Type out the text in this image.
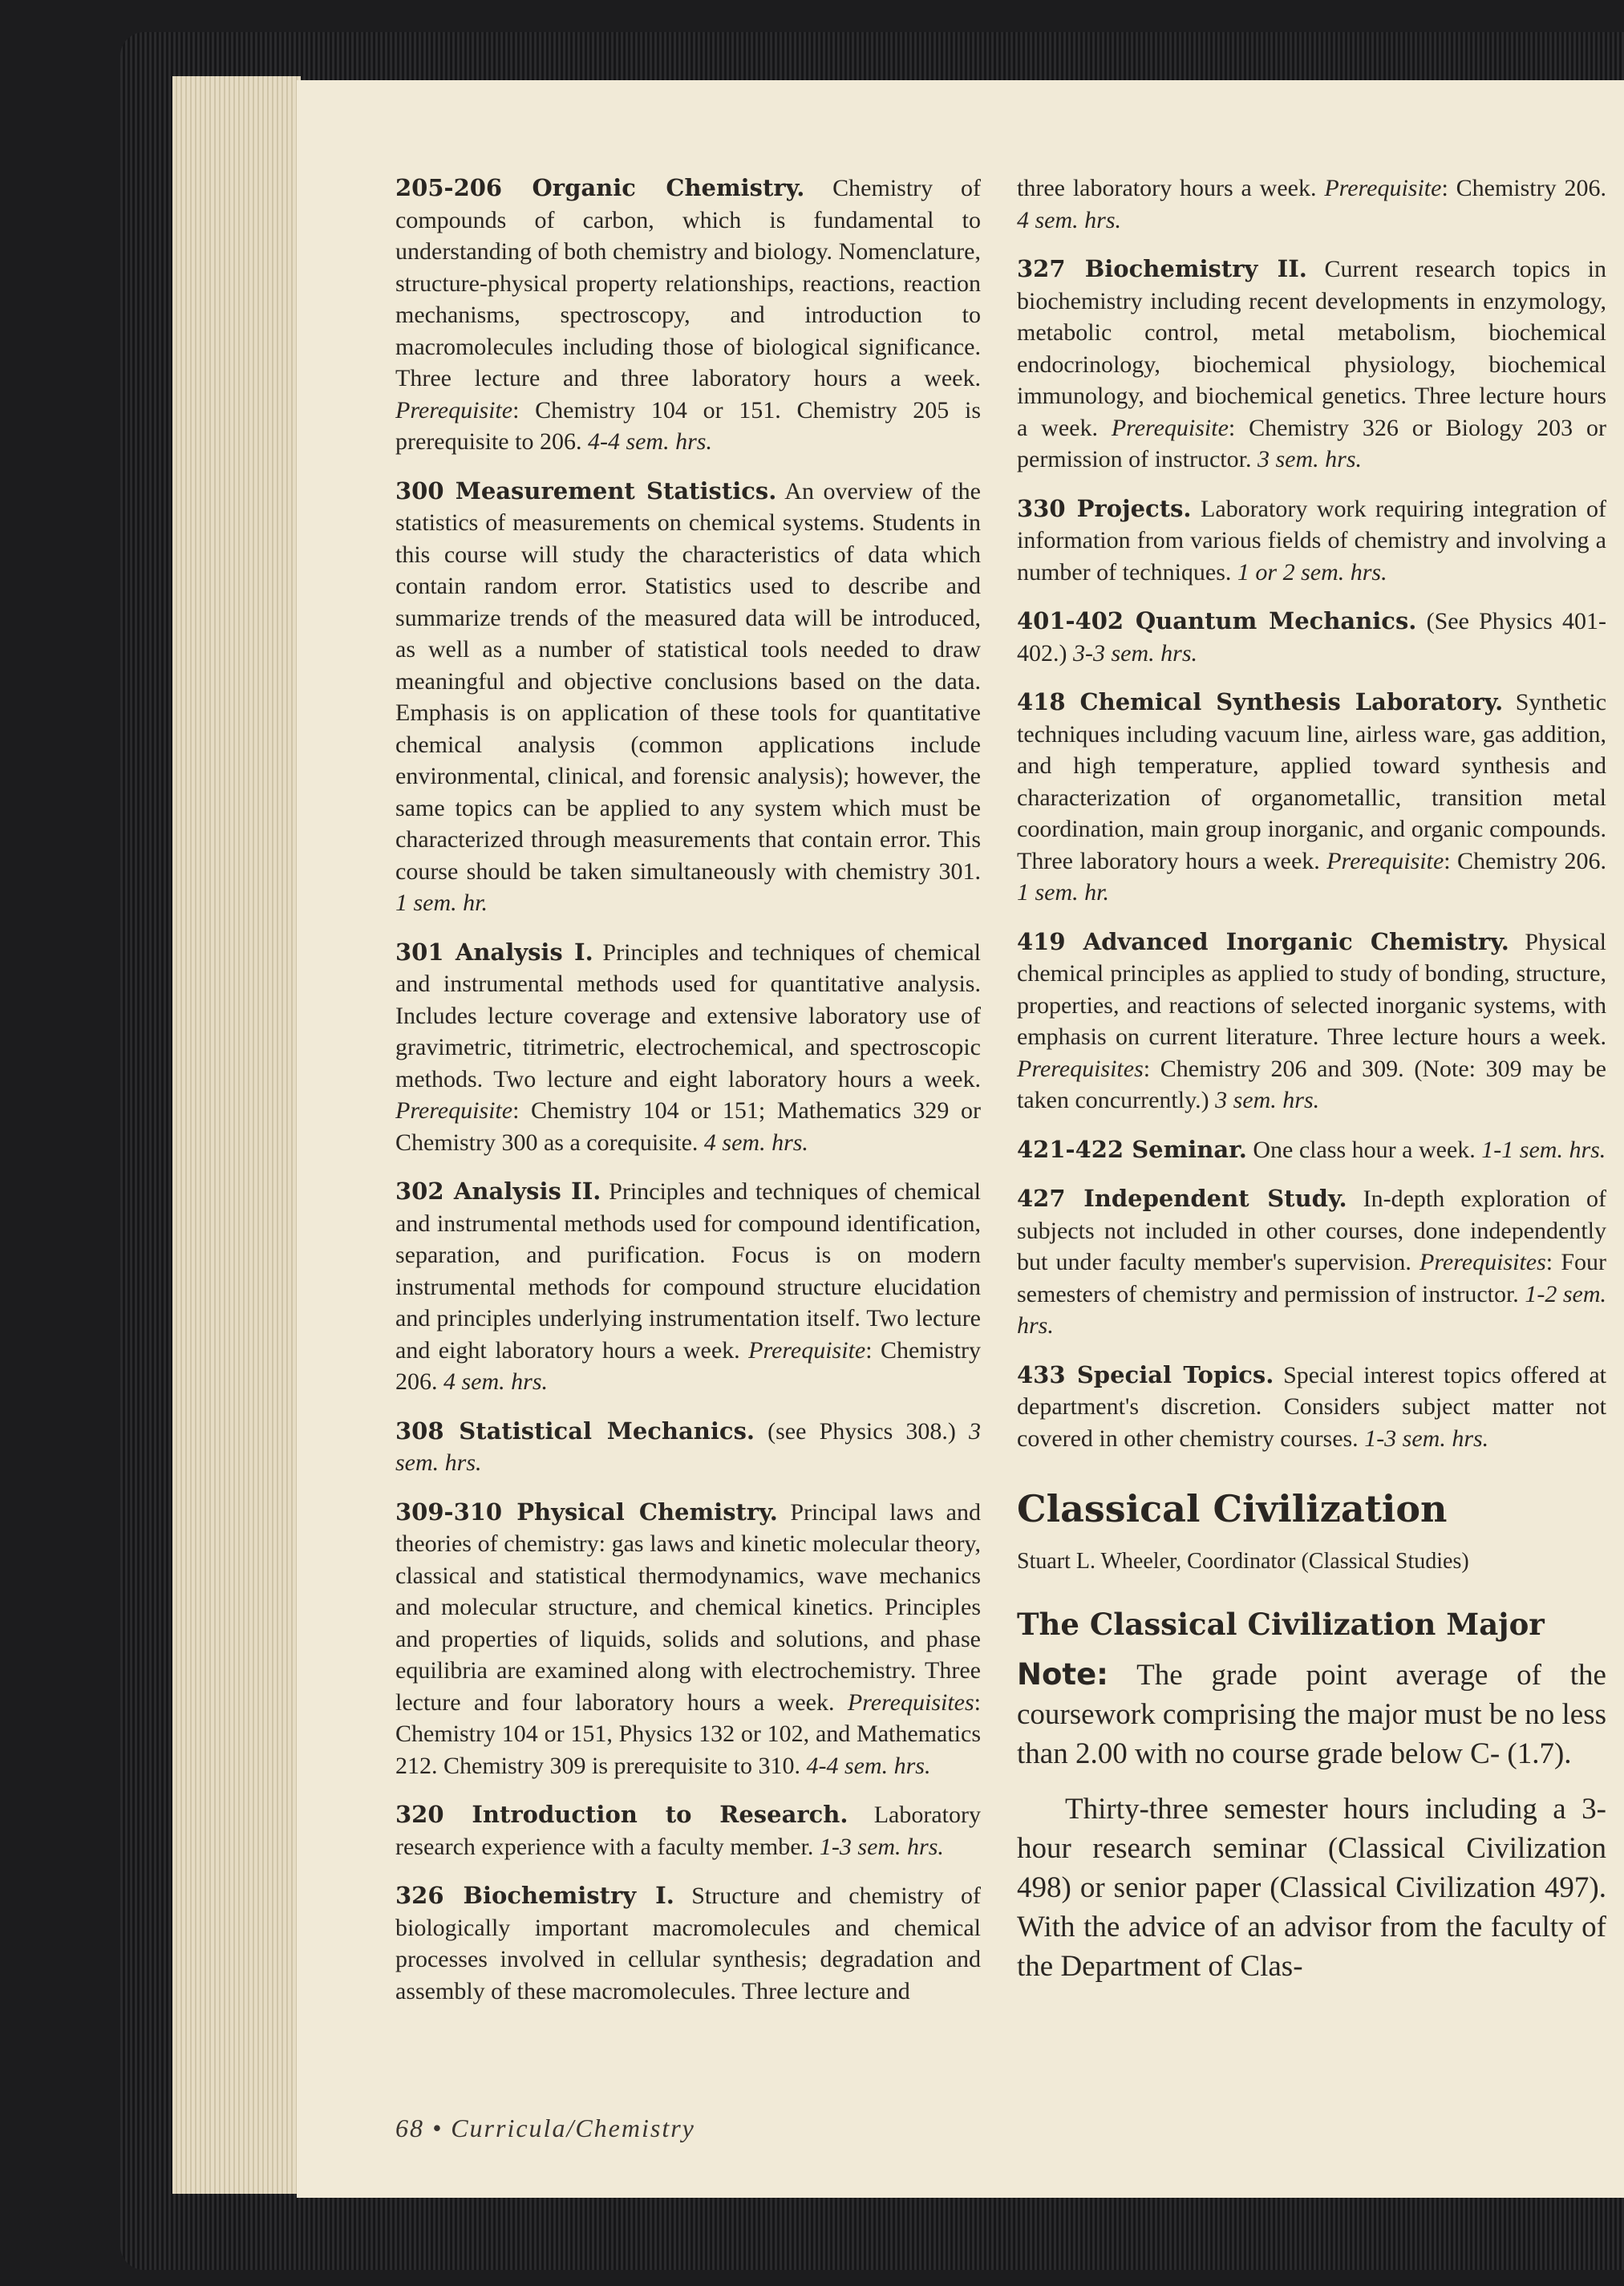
205-206 Organic Chemistry. Chemistry of compounds of carbon, which is fundamental to understanding of both chemistry and biology. Nomenclature, structure-physical property relationships, reactions, reaction mechanisms, spectroscopy, and introduction to macromolecules including those of biological significance. Three lecture and three laboratory hours a week. Prerequisite: Chemistry 104 or 151. Chemistry 205 is prerequisite to 206. 4-4 sem. hrs.

300 Measurement Statistics. An overview of the statistics of measurements on chemical systems. Students in this course will study the characteristics of data which contain random error. Statistics used to describe and summarize trends of the measured data will be introduced, as well as a number of statistical tools needed to draw meaningful and objective conclusions based on the data. Emphasis is on application of these tools for quantitative chemical analysis (common applications include environmental, clinical, and forensic analysis); however, the same topics can be applied to any system which must be characterized through measurements that contain error. This course should be taken simultaneously with chemistry 301. 1 sem. hr.

301 Analysis I. Principles and techniques of chemical and instrumental methods used for quantitative analysis. Includes lecture coverage and extensive laboratory use of gravimetric, titrimetric, electrochemical, and spectroscopic methods. Two lecture and eight laboratory hours a week. Prerequisite: Chemistry 104 or 151; Mathematics 329 or Chemistry 300 as a corequisite. 4 sem. hrs.

302 Analysis II. Principles and techniques of chemical and instrumental methods used for compound identification, separation, and purification. Focus is on modern instrumental methods for compound structure elucidation and principles underlying instrumentation itself. Two lecture and eight laboratory hours a week. Prerequisite: Chemistry 206. 4 sem. hrs.

308 Statistical Mechanics. (see Physics 308.) 3 sem. hrs.

309-310 Physical Chemistry. Principal laws and theories of chemistry: gas laws and kinetic molecular theory, classical and statistical thermodynamics, wave mechanics and molecular structure, and chemical kinetics. Principles and properties of liquids, solids and solutions, and phase equilibria are examined along with electrochemistry. Three lecture and four laboratory hours a week. Prerequisites: Chemistry 104 or 151, Physics 132 or 102, and Mathematics 212. Chemistry 309 is prerequisite to 310. 4-4 sem. hrs.

320 Introduction to Research. Laboratory research experience with a faculty member. 1-3 sem. hrs.

326 Biochemistry I. Structure and chemistry of biologically important macromolecules and chemical processes involved in cellular synthesis; degradation and assembly of these macromolecules. Three lecture and

three laboratory hours a week. Prerequisite: Chemistry 206. 4 sem. hrs.

327 Biochemistry II. Current research topics in biochemistry including recent developments in enzymology, metabolic control, metal metabolism, biochemical endocrinology, biochemical physiology, biochemical immunology, and biochemical genetics. Three lecture hours a week. Prerequisite: Chemistry 326 or Biology 203 or permission of instructor. 3 sem. hrs.

330 Projects. Laboratory work requiring integration of information from various fields of chemistry and involving a number of techniques. 1 or 2 sem. hrs.

401-402 Quantum Mechanics. (See Physics 401-402.) 3-3 sem. hrs.

418 Chemical Synthesis Laboratory. Synthetic techniques including vacuum line, airless ware, gas addition, and high temperature, applied toward synthesis and characterization of organometallic, transition metal coordination, main group inorganic, and organic compounds. Three laboratory hours a week. Prerequisite: Chemistry 206. 1 sem. hr.

419 Advanced Inorganic Chemistry. Physical chemical principles as applied to study of bonding, structure, properties, and reactions of selected inorganic systems, with emphasis on current literature. Three lecture hours a week. Prerequisites: Chemistry 206 and 309. (Note: 309 may be taken concurrently.) 3 sem. hrs.

421-422 Seminar. One class hour a week. 1-1 sem. hrs.

427 Independent Study. In-depth exploration of subjects not included in other courses, done independently but under faculty member's supervision. Prerequisites: Four semesters of chemistry and permission of instructor. 1-2 sem. hrs.

433 Special Topics. Special interest topics offered at department's discretion. Considers subject matter not covered in other chemistry courses. 1-3 sem. hrs.

Classical Civilization
Stuart L. Wheeler, Coordinator (Classical Studies)
The Classical Civilization Major

Note: The grade point average of the coursework comprising the major must be no less than 2.00 with no course grade below C- (1.7).

Thirty-three semester hours including a 3-hour research seminar (Classical Civilization 498) or senior paper (Classical Civilization 497). With the advice of an advisor from the faculty of the Department of Clas-

68 • Curricula/Chemistry
